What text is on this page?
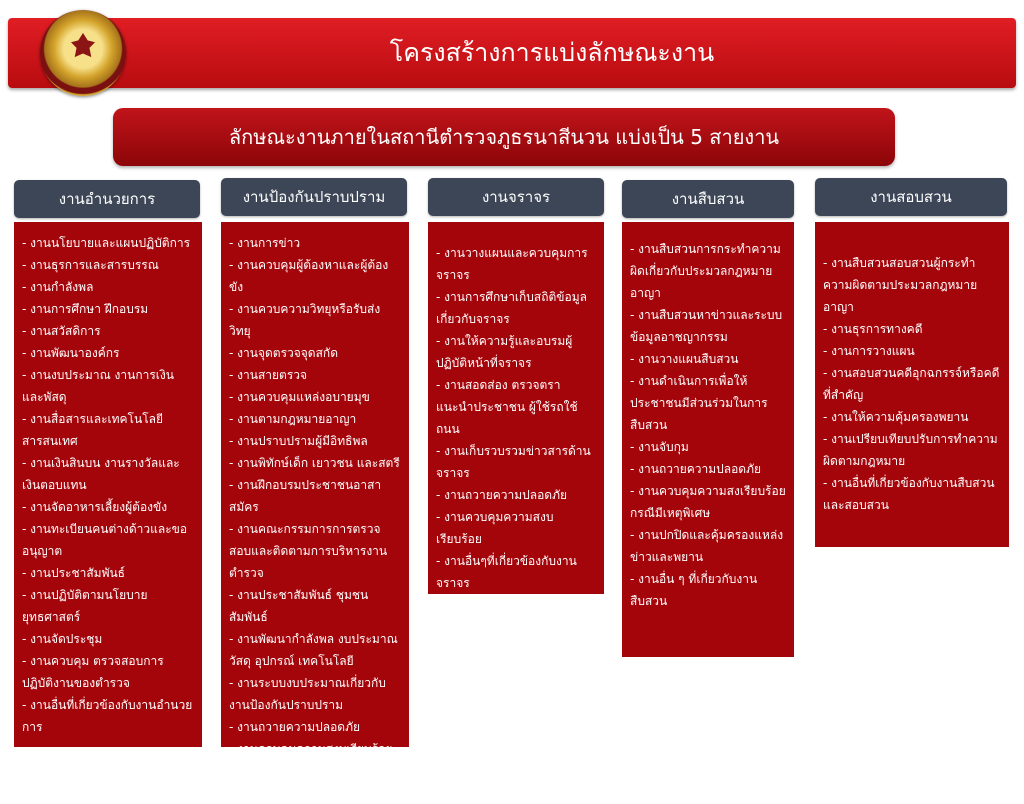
โครงสร้างการแบ่งลักษณะงาน
ลักษณะงานภายในสถานีตำรวจภูธรนาสีนวน แบ่งเป็น 5 สายงาน
งานอำนวยการ	งานป้องกันปราบปราม	งานจราจร	งานสืบสวน	งานสอบสวน
- งานนโยบายและแผนปฏิบัติการ
- งานธุรการและสารบรรณ
- งานกำลังพล
- งานการศึกษา ฝึกอบรม
- งานสวัสดิการ
- งานพัฒนาองค์กร
- งานงบประมาณ งานการเงินและพัสดุ
- งานสื่อสารและเทคโนโลยีสารสนเทศ
- งานเงินสินบน งานรางวัลและเงินตอบแทน
- งานจัดอาหารเลี้ยงผู้ต้องขัง
- งานทะเบียนคนต่างด้าวและขออนุญาต
- งานประชาสัมพันธ์
- งานปฏิบัติตามนโยบายยุทธศาสตร์
- งานจัดประชุม
- งานควบคุม ตรวจสอบการปฏิบัติงานของตำรวจ
- งานอื่นที่เกี่ยวข้องกับงานอำนวยการ
- งานการข่าว
- งานควบคุมผู้ต้องหาและผู้ต้องขัง
- งานควบความวิทยุหรือรับส่งวิทยุ
- งานจุดตรวจจุดสกัด
- งานสายตรวจ
- งานควบคุมแหล่งอบายมุข
- งานตามกฎหมายอาญา
- งานปราบปรามผู้มีอิทธิพล
- งานพิทักษ์เด็ก เยาวชน และสตรี
- งานฝึกอบรมประชาชนอาสาสมัคร
- งานคณะกรรมการการตรวจสอบและติดตามการบริหารงานตำรวจ
- งานประชาสัมพันธ์ ชุมชนสัมพันธ์
- งานพัฒนากำลังพล งบประมาณ วัสดุ อุปกรณ์ เทคโนโลยี
- งานระบบงบประมาณเกี่ยวกับงานป้องกันปราบปราม
- งานถวายความปลอดภัย
- งานควบคุมความสงบเรียบร้อย
- งานอื่นที่เกี่ยวกับงานป้องกันปราบปราม
- งานวางแผนและควบคุมการจราจร
- งานการศึกษาเก็บสถิติข้อมูลเกี่ยวกับจราจร
- งานให้ความรู้และอบรมผู้ปฏิบัติหน้าที่จราจร
- งานสอดส่อง ตรวจตราแนะนำประชาชน ผู้ใช้รถใช้ถนน
- งานเก็บรวบรวมข่าวสารด้านจราจร
- งานถวายความปลอดภัย
- งานควบคุมความสงบเรียบร้อย
- งานอื่นๆที่เกี่ยวข้องกับงานจราจร
- งานสืบสวนการกระทำความผิดเกี่ยวกับประมวลกฎหมายอาญา
- งานสืบสวนหาข่าวและระบบข้อมูลอาชญากรรม
- งานวางแผนสืบสวน
- งานดำเนินการเพื่อให้ประชาชนมีส่วนร่วมในการสืบสวน
- งานจับกุม
- งานถวายความปลอดภัย
- งานควบคุมความสงเรียบร้อยกรณีมีเหตุพิเศษ
- งานปกปิดและคุ้มครองแหล่งข่าวและพยาน
- งานอื่น ๆ ที่เกี่ยวกับงานสืบสวน
- งานสืบสวนสอบสวนผู้กระทำความผิดตามประมวลกฎหมายอาญา
- งานธุรการทางคดี
- งานการวางแผน
- งานสอบสวนคดีอุกฉกรรจ์หรือคดีที่สำคัญ
- งานให้ความคุ้มครองพยาน
- งานเปรียบเทียบปรับการทำความผิดตามกฎหมาย
- งานอื่นที่เกี่ยวข้องกับงานสืบสวนและสอบสวน
